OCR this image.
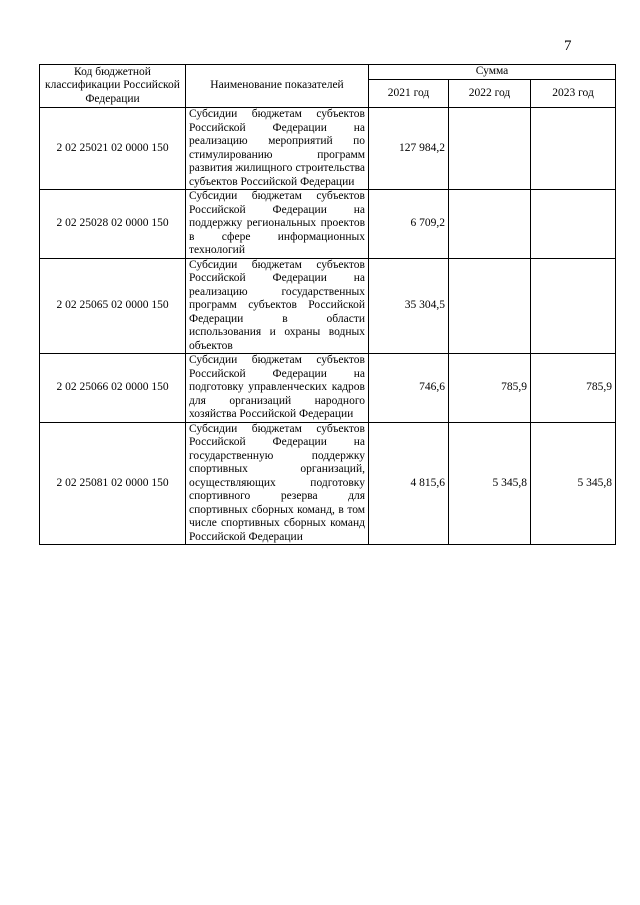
7
Код бюджетной классификации Российской Федерации	Наименование показателей	Сумма		
		2021 год	2022 год	2023 год
2 02 25021 02 0000 150	Субсидии бюджетам субъектов Российской Федерации на реализацию мероприятий по стимулированию программ развития жилищного строительства субъектов Российской Федерации	127 984,2		
2 02 25028 02 0000 150	Субсидии бюджетам субъектов Российской Федерации на поддержку региональных проектов в сфере информационных технологий	6 709,2		
2 02 25065 02 0000 150	Субсидии бюджетам субъектов Российской Федерации на реализацию государственных программ субъектов Российской Федерации в области использования и охраны водных объектов	35 304,5		
2 02 25066 02 0000 150	Субсидии бюджетам субъектов Российской Федерации на подготовку управленческих кадров для организаций народного хозяйства Российской Федерации	746,6	785,9	785,9
2 02 25081 02 0000 150	Субсидии бюджетам субъектов Российской Федерации на государственную поддержку спортивных организаций, осуществляющих подготовку спортивного резерва для спортивных сборных команд, в том числе спортивных сборных команд Российской Федерации	4 815,6	5 345,8	5 345,8
